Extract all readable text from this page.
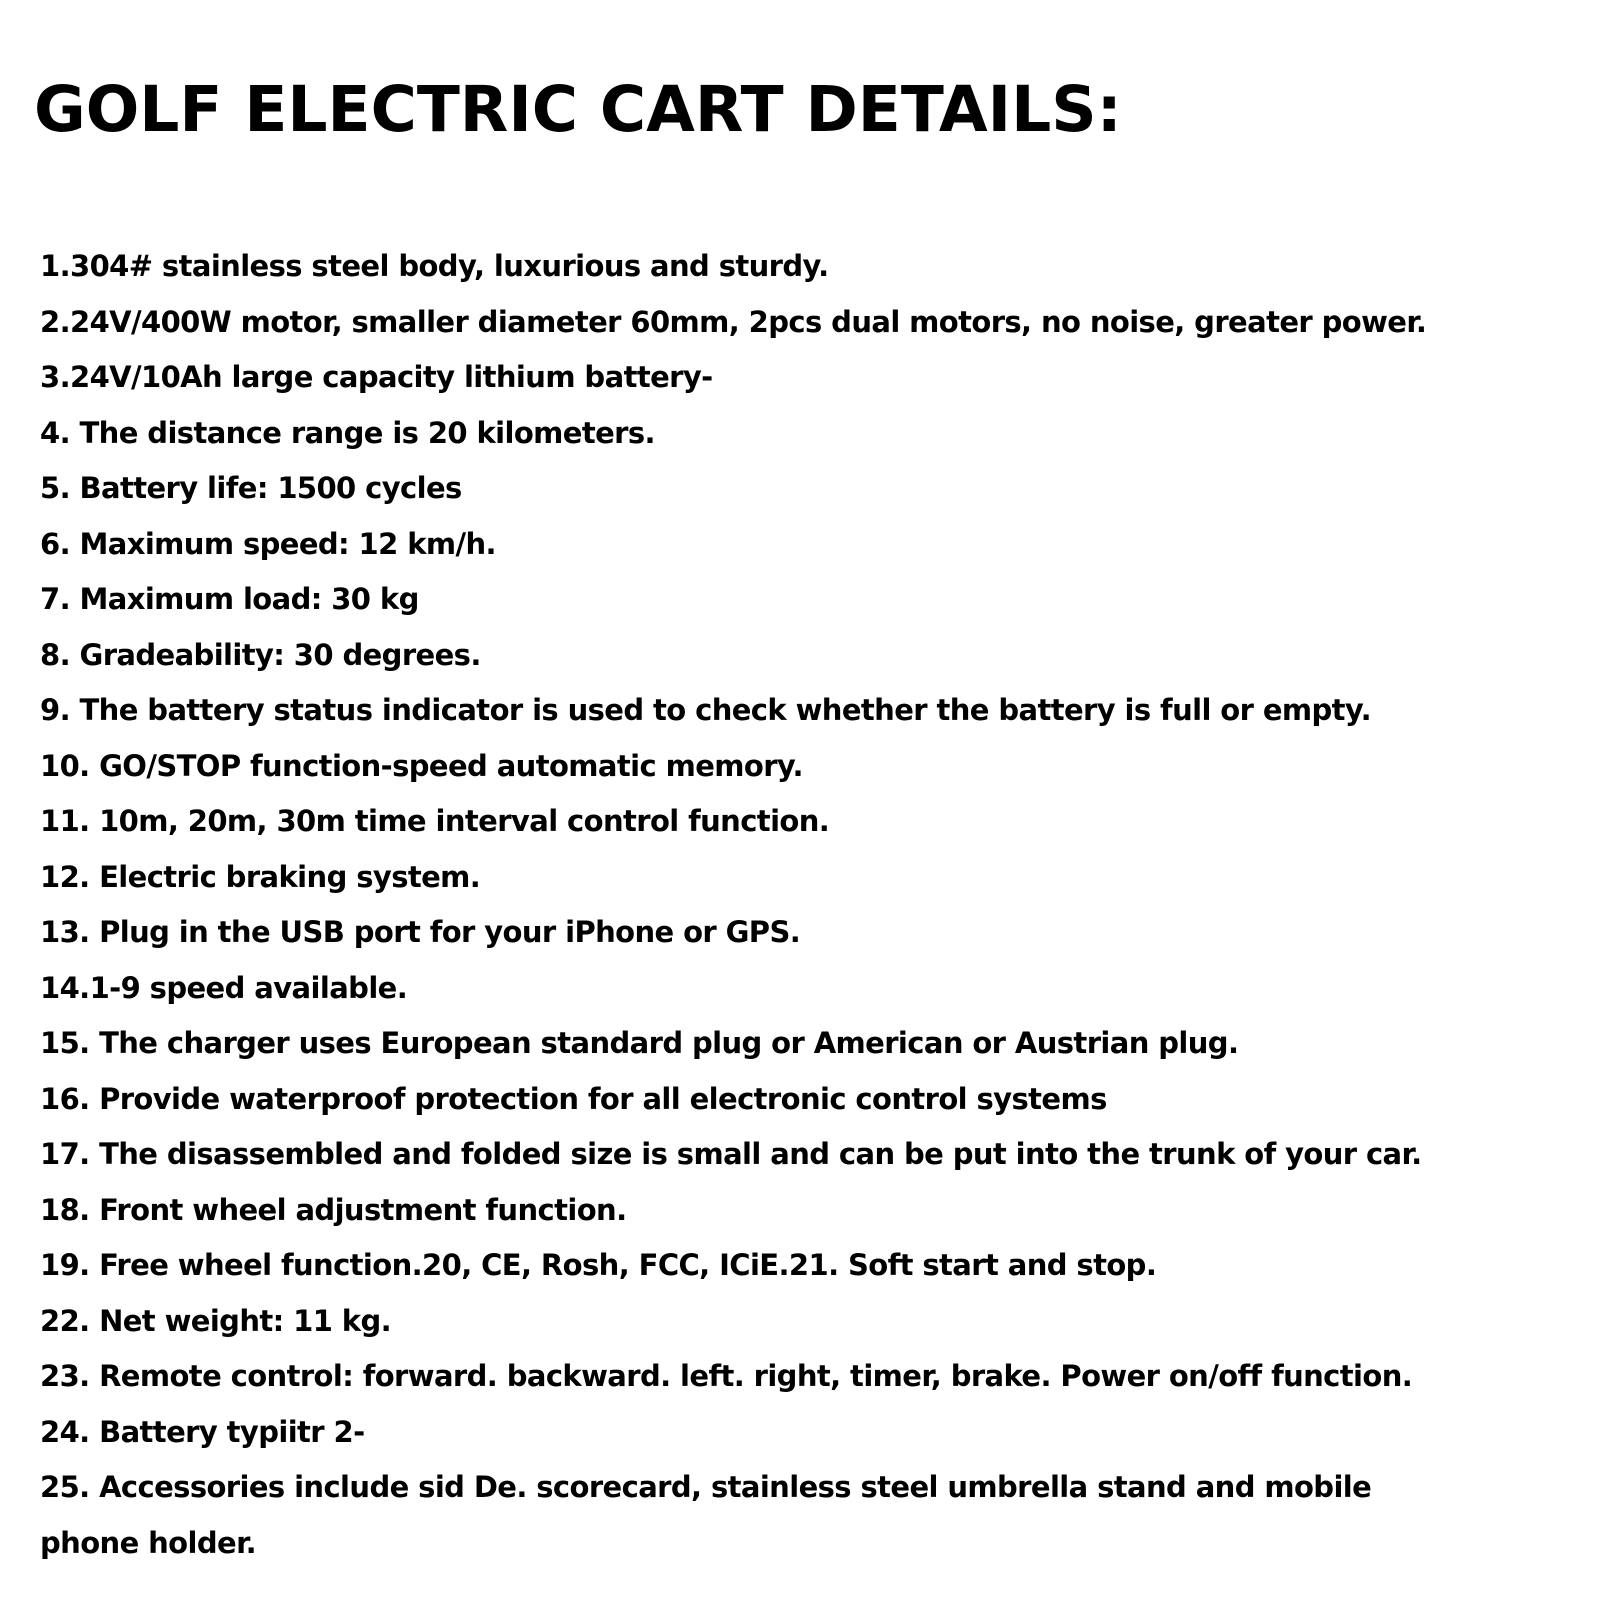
GOLF ELECTRIC CART DETAILS:
1.304# stainless steel body, luxurious and sturdy.
2.24V/400W motor, smaller diameter 60mm, 2pcs dual motors, no noise, greater power.
3.24V/10Ah large capacity lithium battery-
4. The distance range is 20 kilometers.
5. Battery life: 1500 cycles
6. Maximum speed: 12 km/h.
7. Maximum load: 30 kg
8. Gradeability: 30 degrees.
9. The battery status indicator is used to check whether the battery is full or empty.
10. GO/STOP function-speed automatic memory.
11. 10m, 20m, 30m time interval control function.
12. Electric braking system.
13. Plug in the USB port for your iPhone or GPS.
14.1-9 speed available.
15. The charger uses European standard plug or American or Austrian plug.
16. Provide waterproof protection for all electronic control systems
17. The disassembled and folded size is small and can be put into the trunk of your car.
18. Front wheel adjustment function.
19. Free wheel function.20, CE, Rosh, FCC, ICiE.21. Soft start and stop.
22. Net weight: 11 kg.
23. Remote control: forward. backward. left. right, timer, brake. Power on/off function.
24. Battery typiitr 2-
25. Accessories include sid De. scorecard, stainless steel umbrella stand and mobile phone holder.
